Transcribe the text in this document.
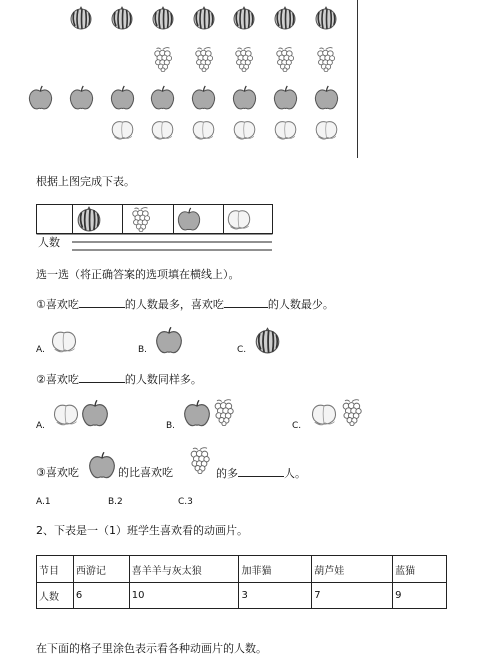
根据上图完成下表。
人数
选一选（将正确答案的选项填在横线上）。
①喜欢吃	的人数最多，喜欢吃	的人数最少。
A.	B.	C.
②喜欢吃	的人数同样多。
A.	B.	C.
③喜欢吃	的比喜欢吃	的多	人。
A.1	B.2	C.3
2、下表是一（1）班学生喜欢看的动画片。
节目	西游记	喜羊羊与灰太狼	加菲猫	葫芦娃	蓝猫
人数	6	10	3	7	9
在下面的格子里涂色表示看各种动画片的人数。
